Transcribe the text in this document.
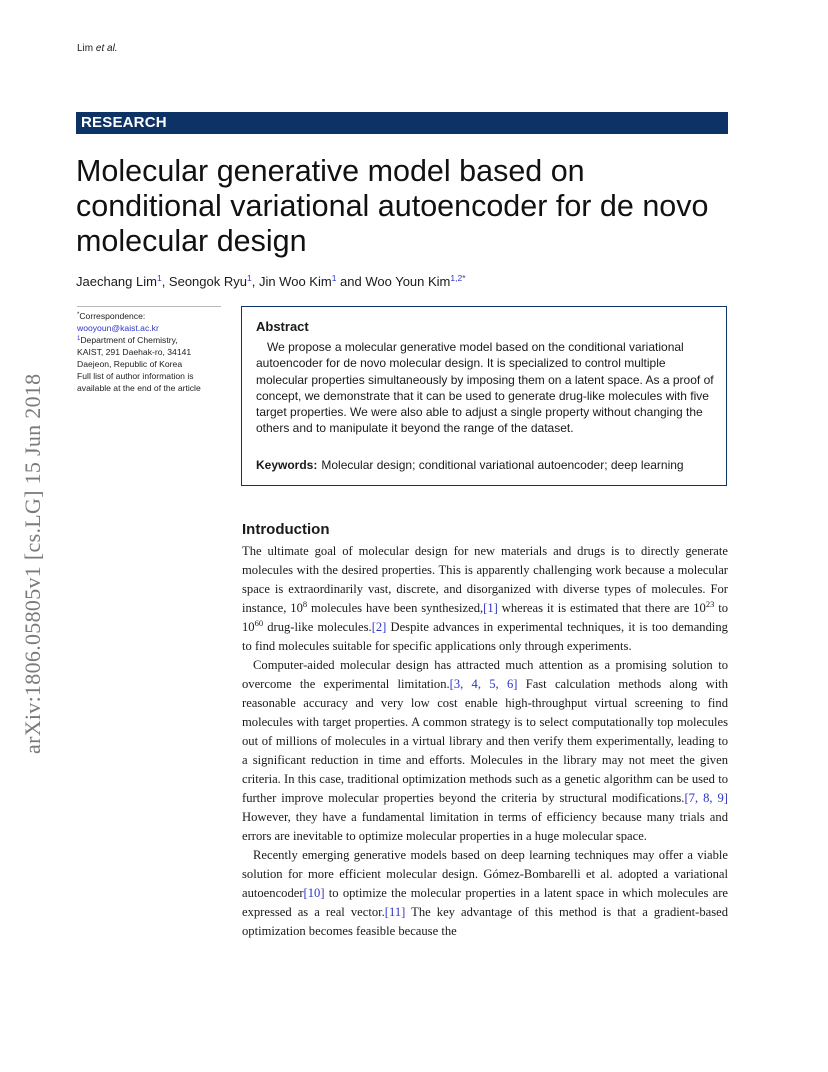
Lim et al.
RESEARCH
Molecular generative model based on conditional variational autoencoder for de novo molecular design
Jaechang Lim$^1$, Seongok Ryu$^1$, Jin Woo Kim$^1$ and Woo Youn Kim$^{1,2*}$
*Correspondence:
wooyoun@kaist.ac.kr
$^1$Department of Chemistry,
KAIST, 291 Daehak-ro, 34141
Daejeon, Republic of Korea
Full list of author information is
available at the end of the article
Abstract
We propose a molecular generative model based on the conditional variational autoencoder for de novo molecular design. It is specialized to control multiple molecular properties simultaneously by imposing them on a latent space. As a proof of concept, we demonstrate that it can be used to generate drug-like molecules with five target properties. We were also able to adjust a single property without changing the others and to manipulate it beyond the range of the dataset.
Keywords: Molecular design; conditional variational autoencoder; deep learning
arXiv:1806.05805v1 [cs.LG] 15 Jun 2018	Introduction

The ultimate goal of molecular design for new materials and drugs is to directly generate molecules with the desired properties. This is apparently challenging work because a molecular space is extraordinarily vast, discrete, and disorganized with diverse types of molecules. For instance, $10^8$ molecules have been synthesized,[1] whereas it is estimated that there are $10^{23}$ to $10^{60}$ drug-like molecules.[2] Despite advances in experimental techniques, it is too demanding to find molecules suitable for specific applications only through experiments.

Computer-aided molecular design has attracted much attention as a promising solution to overcome the experimental limitation.[3, 4, 5, 6] Fast calculation methods along with reasonable accuracy and very low cost enable high-throughput virtual screening to find molecules with target properties. A common strategy is to select computationally top molecules out of millions of molecules in a virtual library and then verify them experimentally, leading to a significant reduction in time and efforts. Molecules in the library may not meet the given criteria. In this case, traditional optimization methods such as a genetic algorithm can be used to further improve molecular properties beyond the criteria by structural modifications.[7, 8, 9] However, they have a fundamental limitation in terms of efficiency because many trials and errors are inevitable to optimize molecular properties in a huge molecular space.

Recently emerging generative models based on deep learning techniques may offer a viable solution for more efficient molecular design. Gómez-Bombarelli et al. adopted a variational autoencoder[10] to optimize the molecular properties in a latent space in which molecules are expressed as a real vector.[11] The key advantage of this method is that a gradient-based optimization becomes feasible because the
